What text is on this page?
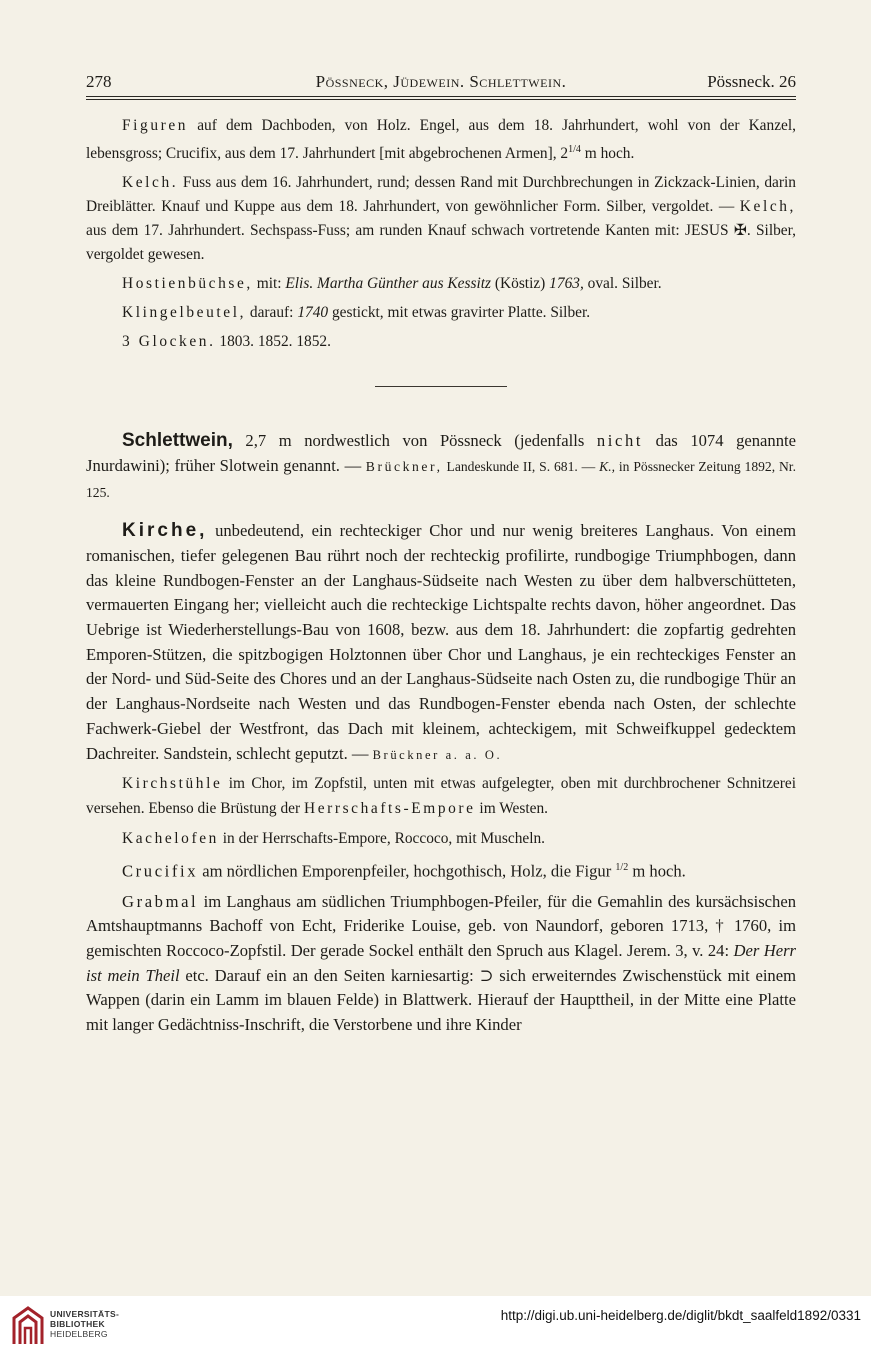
278	Pössneck, Jüdewein. Schlettwein.	Pössneck. 26

Figuren auf dem Dachboden, von Holz. Engel, aus dem 18. Jahrhundert, wohl von der Kanzel, lebensgross; Crucifix, aus dem 17. Jahrhundert [mit abgebrochenen Armen], $2^{1/4}$ m hoch.

Kelch. Fuss aus dem 16. Jahrhundert, rund; dessen Rand mit Durchbrechungen in Zickzack-Linien, darin Dreiblätter. Knauf und Kuppe aus dem 18. Jahrhundert, von gewöhnlicher Form. Silber, vergoldet. — Kelch, aus dem 17. Jahrhundert. Sechspass-Fuss; am runden Knauf schwach vortretende Kanten mit: JESUS ✠. Silber, vergoldet gewesen.

Hostienbüchse, mit: Elis. Martha Günther aus Kessitz (Köstiz) 1763, oval. Silber.

Klingelbeutel, darauf: 1740 gestickt, mit etwas gravirter Platte. Silber.

3 Glocken. 1803. 1852. 1852.

Schlettwein, 2,7 m nordwestlich von Pössneck (jedenfalls nicht das 1074 genannte Jnurdawini); früher Slotwein genannt. — Brückner, Landeskunde II, S. 681. — K., in Pössnecker Zeitung 1892, Nr. 125.

Kirche, unbedeutend, ein rechteckiger Chor und nur wenig breiteres Langhaus. Von einem romanischen, tiefer gelegenen Bau rührt noch der rechteckig profilirte, rundbogige Triumphbogen, dann das kleine Rundbogen-Fenster an der Langhaus-Südseite nach Westen zu über dem halbverschütteten, vermauerten Eingang her; vielleicht auch die rechteckige Lichtspalte rechts davon, höher angeordnet. Das Uebrige ist Wiederherstellungs-Bau von 1608, bezw. aus dem 18. Jahrhundert: die zopfartig gedrehten Emporen-Stützen, die spitzbogigen Holztonnen über Chor und Langhaus, je ein rechteckiges Fenster an der Nord- und Süd-Seite des Chores und an der Langhaus-Südseite nach Osten zu, die rundbogige Thür an der Langhaus-Nordseite nach Westen und das Rundbogen-Fenster ebenda nach Osten, der schlechte Fachwerk-Giebel der Westfront, das Dach mit kleinem, achteckigem, mit Schweifkuppel gedecktem Dachreiter. Sandstein, schlecht geputzt. — Brückner a. a. O.

Kirchstühle im Chor, im Zopfstil, unten mit etwas aufgelegter, oben mit durchbrochener Schnitzerei versehen. Ebenso die Brüstung der Herrschafts-Empore im Westen.

Kachelofen in der Herrschafts-Empore, Roccoco, mit Muscheln.

Crucifix am nördlichen Emporenpfeiler, hochgothisch, Holz, die Figur $^{1/2}$ m hoch.

Grabmal im Langhaus am südlichen Triumphbogen-Pfeiler, für die Gemahlin des kursächsischen Amtshauptmanns Bachoff von Echt, Friderike Louise, geb. von Naundorf, geboren 1713, † 1760, im gemischten Roccoco-Zopfstil. Der gerade Sockel enthält den Spruch aus Klagel. Jerem. 3, v. 24: Der Herr ist mein Theil etc. Darauf ein an den Seiten karniesartig: ⊃ sich erweiterndes Zwischenstück mit einem Wappen (darin ein Lamm im blauen Felde) in Blattwerk. Hierauf der Haupttheil, in der Mitte eine Platte mit langer Gedächtniss-Inschrift, die Verstorbene und ihre Kinder

UNIVERSITÄTS-
BIBLIOTHEK
HEIDELBERG
http://digi.ub.uni-heidelberg.de/diglit/bkdt_saalfeld1892/0331
